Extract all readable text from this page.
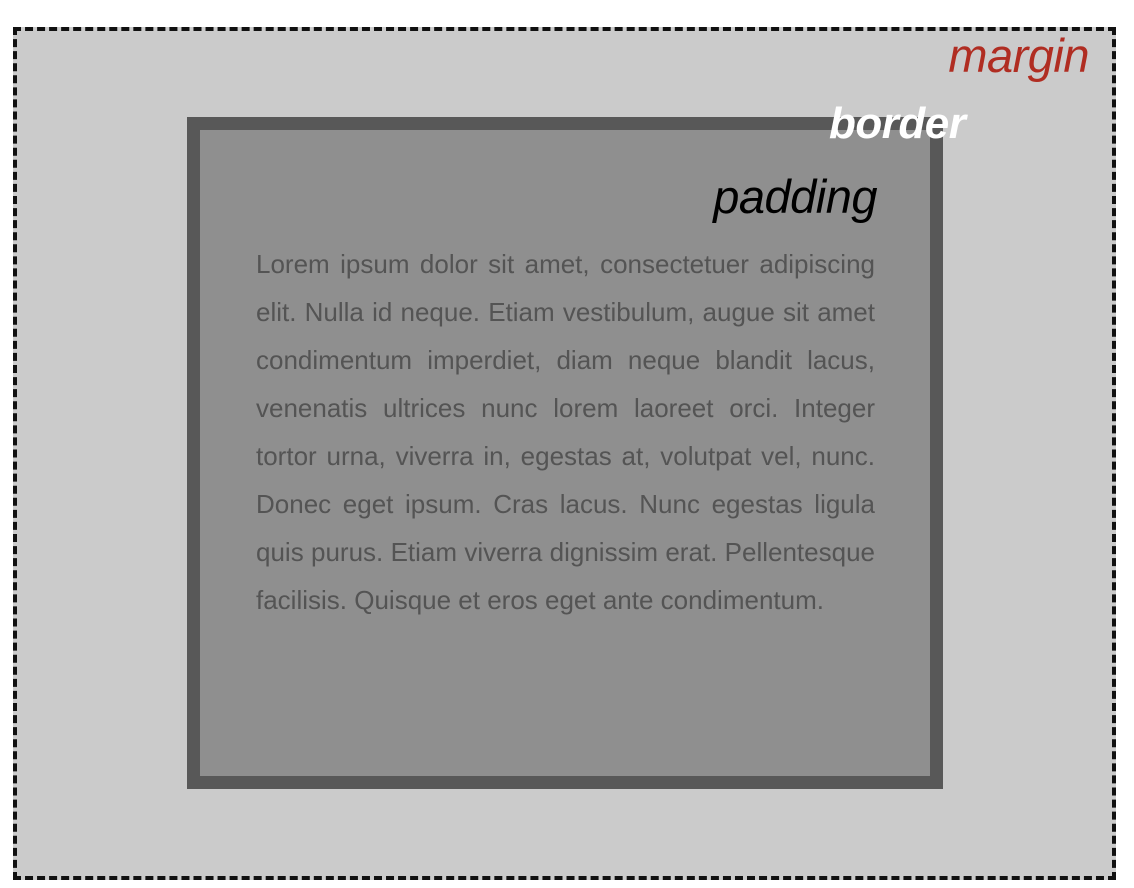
margin
border
padding

Lorem ipsum dolor sit amet, consectetuer adipiscing elit. Nulla id neque. Etiam vestibulum, augue sit amet condimentum imperdiet, diam neque blandit lacus, venenatis ultrices nunc lorem laoreet orci. Integer tortor urna, viverra in, egestas at, volutpat vel, nunc. Donec eget ipsum. Cras lacus. Nunc egestas ligula quis purus. Etiam viverra dignissim erat. Pellentesque facilisis. Quisque et eros eget ante condimentum.
